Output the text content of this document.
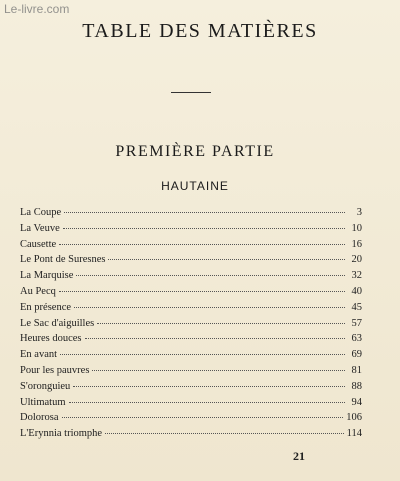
Le-livre.com
TABLE DES MATIÈRES
PREMIÈRE PARTIE
HAUTAINE
La Coupe	3
La Veuve	10
Causette	16
Le Pont de Suresnes	20
La Marquise	32
Au Pecq	40
En présence	45
Le Sac d'aiguilles	57
Heures douces	63
En avant	69
Pour les pauvres	81
S'oronguieu	88
Ultimatum	94
Dolorosa	106
L'Erynnia triomphe	114
21
